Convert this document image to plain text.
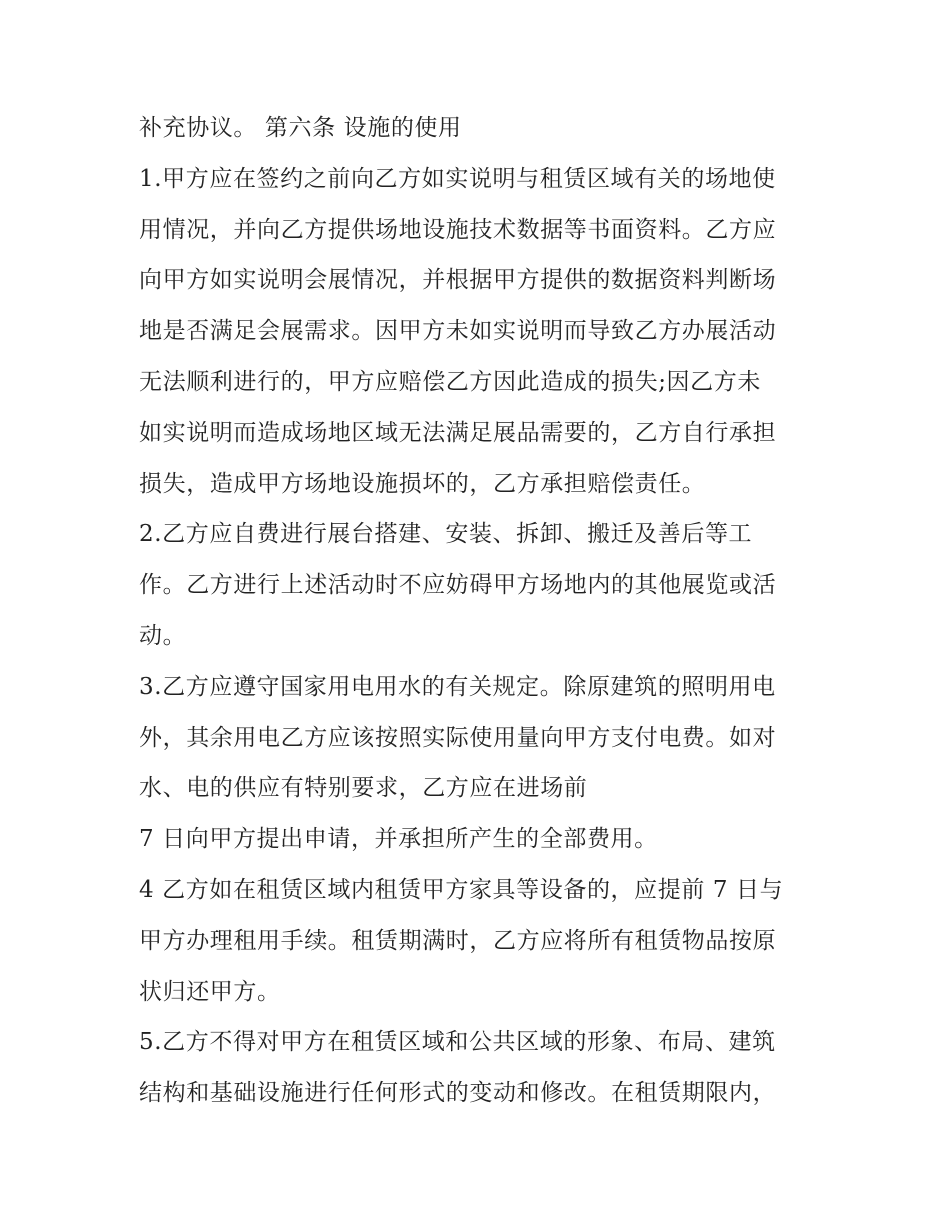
补充协议。 第六条 设施的使用
1.甲方应在签约之前向乙方如实说明与租赁区域有关的场地使
用情况，并向乙方提供场地设施技术数据等书面资料。乙方应
向甲方如实说明会展情况，并根据甲方提供的数据资料判断场
地是否满足会展需求。因甲方未如实说明而导致乙方办展活动
无法顺利进行的，甲方应赔偿乙方因此造成的损失;因乙方未
如实说明而造成场地区域无法满足展品需要的，乙方自行承担
损失，造成甲方场地设施损坏的，乙方承担赔偿责任。
2.乙方应自费进行展台搭建、安装、拆卸、搬迁及善后等工
作。乙方进行上述活动时不应妨碍甲方场地内的其他展览或活
动。
3.乙方应遵守国家用电用水的有关规定。除原建筑的照明用电
外，其余用电乙方应该按照实际使用量向甲方支付电费。如对
水、电的供应有特别要求，乙方应在进场前
7 日向甲方提出申请，并承担所产生的全部费用。
4 乙方如在租赁区域内租赁甲方家具等设备的，应提前 7 日与
甲方办理租用手续。租赁期满时，乙方应将所有租赁物品按原
状归还甲方。
5.乙方不得对甲方在租赁区域和公共区域的形象、布局、建筑
结构和基础设施进行任何形式的变动和修改。在租赁期限内，
